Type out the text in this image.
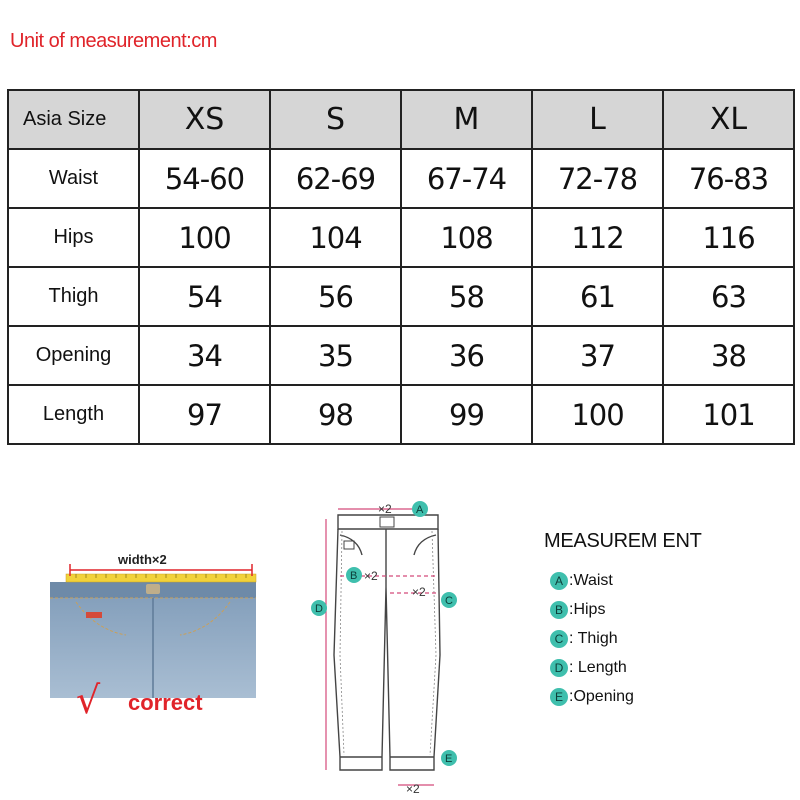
Unit of measurement:cm
Asia Size	XS	S	M	L	XL
Waist	54-60	62-69	67-74	72-78	76-83
Hips	100	104	108	112	116
Thigh	54	56	58	61	63
Opening	34	35	36	37	38
Length	97	98	99	100	101
width×2
√ correct
×2
×2
×2
×2
A
B
C
D
E
MEASUREM ENT
A :Waist
B :Hips
C : Thigh
D : Length
E :Opening
